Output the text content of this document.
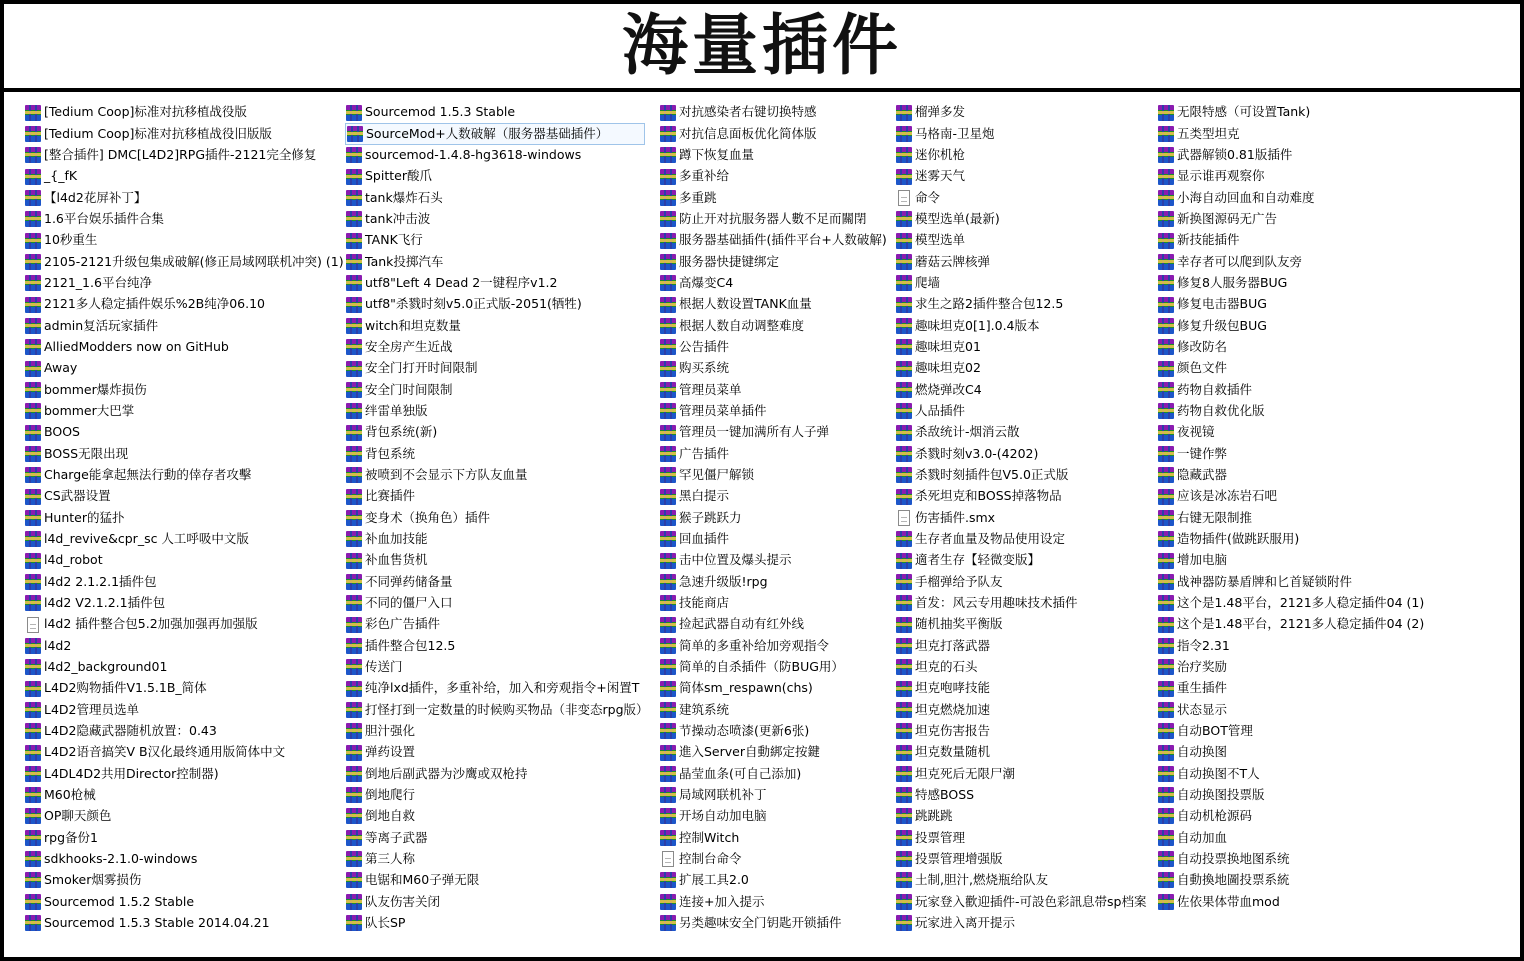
海量插件
[Tedium Coop]标准对抗移植战役版
[Tedium Coop]标准对抗移植战役旧版版
[整合插件] DMC[L4D2]RPG插件-2121完全修复
_{_fK
【l4d2花屏补丁】
1.6平台娱乐插件合集
10秒重生
2105-2121升级包集成破解(修正局域网联机冲突) (1)
2121_1.6平台纯净
2121多人稳定插件娱乐%2B纯净06.10
admin复活玩家插件
AlliedModders now on GitHub
Away
bommer爆炸损伤
bommer大巴掌
BOOS
BOSS无限出现
Charge能拿起無法行動的倖存者攻擊
CS武器设置
Hunter的猛扑
l4d_revive&cpr_sc 人工呼吸中文版
l4d_robot
l4d2 2.1.2.1插件包
l4d2 V2.1.2.1插件包
l4d2 插件整合包5.2加强加强再加强版
l4d2
l4d2_background01
L4D2购物插件V1.5.1B_简体
L4D2管理员选单
L4D2隐藏武器随机放置：0.43
L4D2语音搞笑V B汉化最终通用版简体中文
L4DL4D2共用Director控制器)
M60枪械
OP聊天颜色
rpg备份1
sdkhooks-2.1.0-windows
Smoker烟雾损伤
Sourcemod 1.5.2 Stable
Sourcemod 1.5.3 Stable 2014.04.21
Sourcemod 1.5.3 Stable
SourceMod+人数破解（服务器基础插件）
sourcemod-1.4.8-hg3618-windows
Spitter酸爪
tank爆炸石头
tank冲击波
TANK飞行
Tank投掷汽车
utf8"Left 4 Dead 2一键程序v1.2
utf8"杀戮时刻v5.0正式版-2051(牺牲)
witch和坦克数量
安全房产生近战
安全门打开时间限制
安全门时间限制
绊雷单独版
背包系统(新)
背包系统
被喷到不会显示下方队友血量
比赛插件
变身术（换角色）插件
补血加技能
补血售货机
不同弹药储备量
不同的僵尸入口
彩色广告插件
插件整合包12.5
传送门
纯净lxd插件，多重补给，加入和旁观指令+闲置T
打怪打到一定数量的时候购买物品（非变态rpg版）
胆汁强化
弹药设置
倒地后副武器为沙鹰或双枪持
倒地爬行
倒地自救
等离子武器
第三人称
电锯和M60子弹无限
队友伤害关闭
队长SP
对抗感染者右键切换特感
对抗信息面板优化简体版
蹲下恢复血量
多重补给
多重跳
防止开对抗服务器人數不足而關閉
服务器基础插件(插件平台+人数破解)
服务器快捷键绑定
高爆变C4
根据人数设置TANK血量
根据人数自动调整难度
公告插件
购买系统
管理员菜单
管理员菜单插件
管理员一键加满所有人子弹
广告插件
罕见僵尸解锁
黑白提示
猴子跳跃力
回血插件
击中位置及爆头提示
急速升级版!rpg
技能商店
捡起武器自动有红外线
简单的多重补给加旁观指令
简单的自杀插件（防BUG用）
简体sm_respawn(chs)
建筑系统
节操动态喷漆(更新6张)
進入Server自動綁定按鍵
晶莹血条(可自己添加)
局域网联机补丁
开场自动加电脑
控制Witch
控制台命令
扩展工具2.0
连接+加入提示
另类趣味安全门钥匙开锁插件
榴弹多发
马格南-卫星炮
迷你机枪
迷雾天气
命令
模型选单(最新)
模型选单
蘑菇云牌核弹
爬墙
求生之路2插件整合包12.5
趣味坦克0[1].0.4版本
趣味坦克01
趣味坦克02
燃烧弹改C4
人品插件
杀敌统计-烟消云散
杀戮时刻v3.0-(4202)
杀戮时刻插件包V5.0正式版
杀死坦克和BOSS掉落物品
伤害插件.smx
生存者血量及物品使用设定
適者生存【轻微变版】
手榴弹给予队友
首发：风云专用趣味技术插件
随机抽奖平衡版
坦克打落武器
坦克的石头
坦克咆哮技能
坦克燃烧加速
坦克伤害报告
坦克数量随机
坦克死后无限尸潮
特感BOSS
跳跳跳
投票管理
投票管理增强版
土制,胆汁,燃烧瓶给队友
玩家登入歡迎插件-可設色彩訊息帯sp档案
玩家进入离开提示
无限特感（可设置Tank)
五类型坦克
武器解锁0.81版插件
显示谁再观察你
小海自动回血和自动难度
新换图源码无广告
新技能插件
幸存者可以爬到队友旁
修复8人服务器BUG
修复电击器BUG
修复升级包BUG
修改防名
颜色文件
药物自救插件
药物自救优化版
夜视镜
一键作弊
隐藏武器
应该是冰冻岩石吧
右键无限制推
造物插件(做跳跃服用)
增加电脑
战神器防暴盾牌和匕首疑锁附件
这个是1.48平台，2121多人稳定插件04 (1)
这个是1.48平台，2121多人稳定插件04 (2)
指令2.31
治疗奖励
重生插件
状态显示
自动BOT管理
自动换图
自动换图不T人
自动换图投票版
自动机枪源码
自动加血
自动投票换地图系统
自動換地圖投票系統
佐依果体带血mod
